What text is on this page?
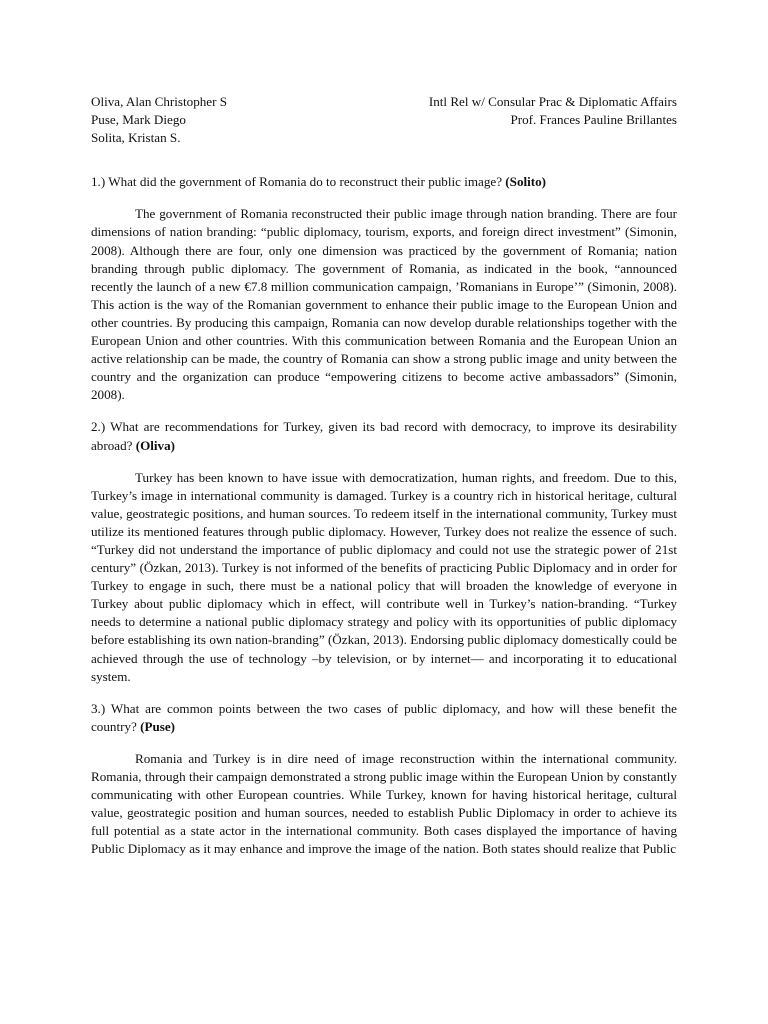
Oliva, Alan Christopher S
Puse, Mark Diego
Solita, Kristan S.
Intl Rel w/ Consular Prac & Diplomatic Affairs
Prof. Frances Pauline Brillantes

1.) What did the government of Romania do to reconstruct their public image? (Solito)

The government of Romania reconstructed their public image through nation branding. There are four dimensions of nation branding: “public diplomacy, tourism, exports, and foreign direct investment” (Simonin, 2008). Although there are four, only one dimension was practiced by the government of Romania; nation branding through public diplomacy. The government of Romania, as indicated in the book, “announced recently the launch of a new €7.8 million communication campaign, ’Romanians in Europe’” (Simonin, 2008). This action is the way of the Romanian government to enhance their public image to the European Union and other countries. By producing this campaign, Romania can now develop durable relationships together with the European Union and other countries. With this communication between Romania and the European Union an active relationship can be made, the country of Romania can show a strong public image and unity between the country and the organization can produce “empowering citizens to become active ambassadors” (Simonin, 2008).

2.) What are recommendations for Turkey, given its bad record with democracy, to improve its desirability abroad? (Oliva)

Turkey has been known to have issue with democratization, human rights, and freedom. Due to this, Turkey’s image in international community is damaged. Turkey is a country rich in historical heritage, cultural value, geostrategic positions, and human sources. To redeem itself in the international community, Turkey must utilize its mentioned features through public diplomacy. However, Turkey does not realize the essence of such. “Turkey did not understand the importance of public diplomacy and could not use the strategic power of 21st century” (Özkan, 2013). Turkey is not informed of the benefits of practicing Public Diplomacy and in order for Turkey to engage in such, there must be a national policy that will broaden the knowledge of everyone in Turkey about public diplomacy which in effect, will contribute well in Turkey’s nation-branding. “Turkey needs to determine a national public diplomacy strategy and policy with its opportunities of public diplomacy before establishing its own nation-branding” (Özkan, 2013). Endorsing public diplomacy domestically could be achieved through the use of technology –by television, or by internet— and incorporating it to educational system.

3.) What are common points between the two cases of public diplomacy, and how will these benefit the country? (Puse)

Romania and Turkey is in dire need of image reconstruction within the international community. Romania, through their campaign demonstrated a strong public image within the European Union by constantly communicating with other European countries. While Turkey, known for having historical heritage, cultural value, geostrategic position and human sources, needed to establish Public Diplomacy in order to achieve its full potential as a state actor in the international community. Both cases displayed the importance of having Public Diplomacy as it may enhance and improve the image of the nation. Both states should realize that Public
